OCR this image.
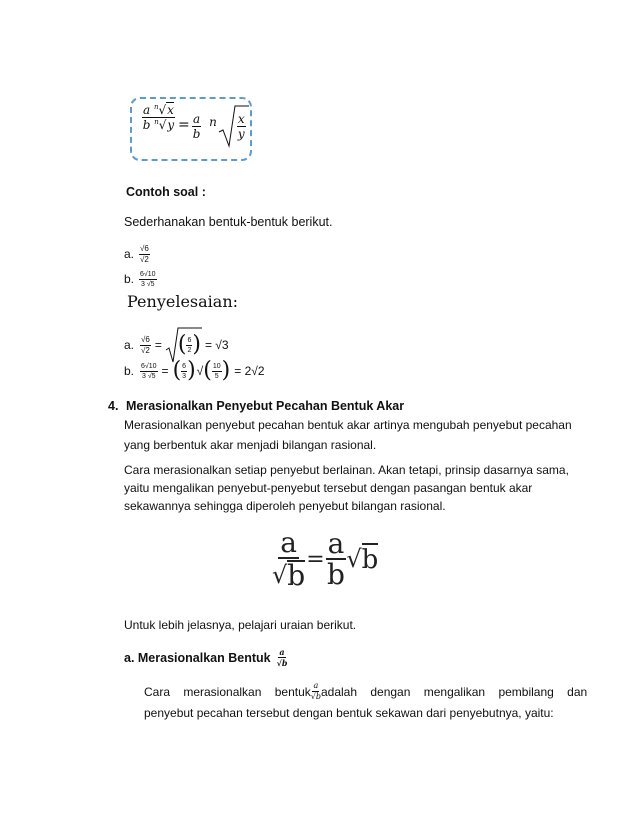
$\frac{a ^n√x}{b ^n√y} = \frac{a}{b}$ n $\frac{x}{y}$
Contoh soal :
Sederhanakan bentuk-bentuk berikut.
a. $\frac{√6}{√2}$
b. $\frac{6√10}{3 √5}$
Penyelesaian:
a. $\frac{√6}{√2}$ = ( $\frac{6}{2}$ ) = √3
b. $\frac{6√10}{3 √5}$ = ( $\frac{6}{3}$ ) √ ( $\frac{10}{5}$ ) = 2√2
4. Merasionalkan Penyebut Pecahan Bentuk Akar
Merasionalkan penyebut pecahan bentuk akar artinya mengubah penyebut pecahan
yang berbentuk akar menjadi bilangan rasional.
Cara merasionalkan setiap penyebut berlainan. Akan tetapi, prinsip dasarnya sama,
yaitu mengalikan penyebut-penyebut tersebut dengan pasangan bentuk akar
sekawannya sehingga diperoleh penyebut bilangan rasional.
$\frac{a}{√ b} = \frac{a}{b}$ √ b
Untuk lebih jelasnya, pelajari uraian berikut.
a. Merasionalkan Bentuk $\frac{a}{√b}$
Cara    merasionalkan    bentuk $\frac{a}{√b}$ adalah    dengan    mengalikan    pembilang    dan
penyebut pecahan tersebut dengan bentuk sekawan dari penyebutnya, yaitu:
